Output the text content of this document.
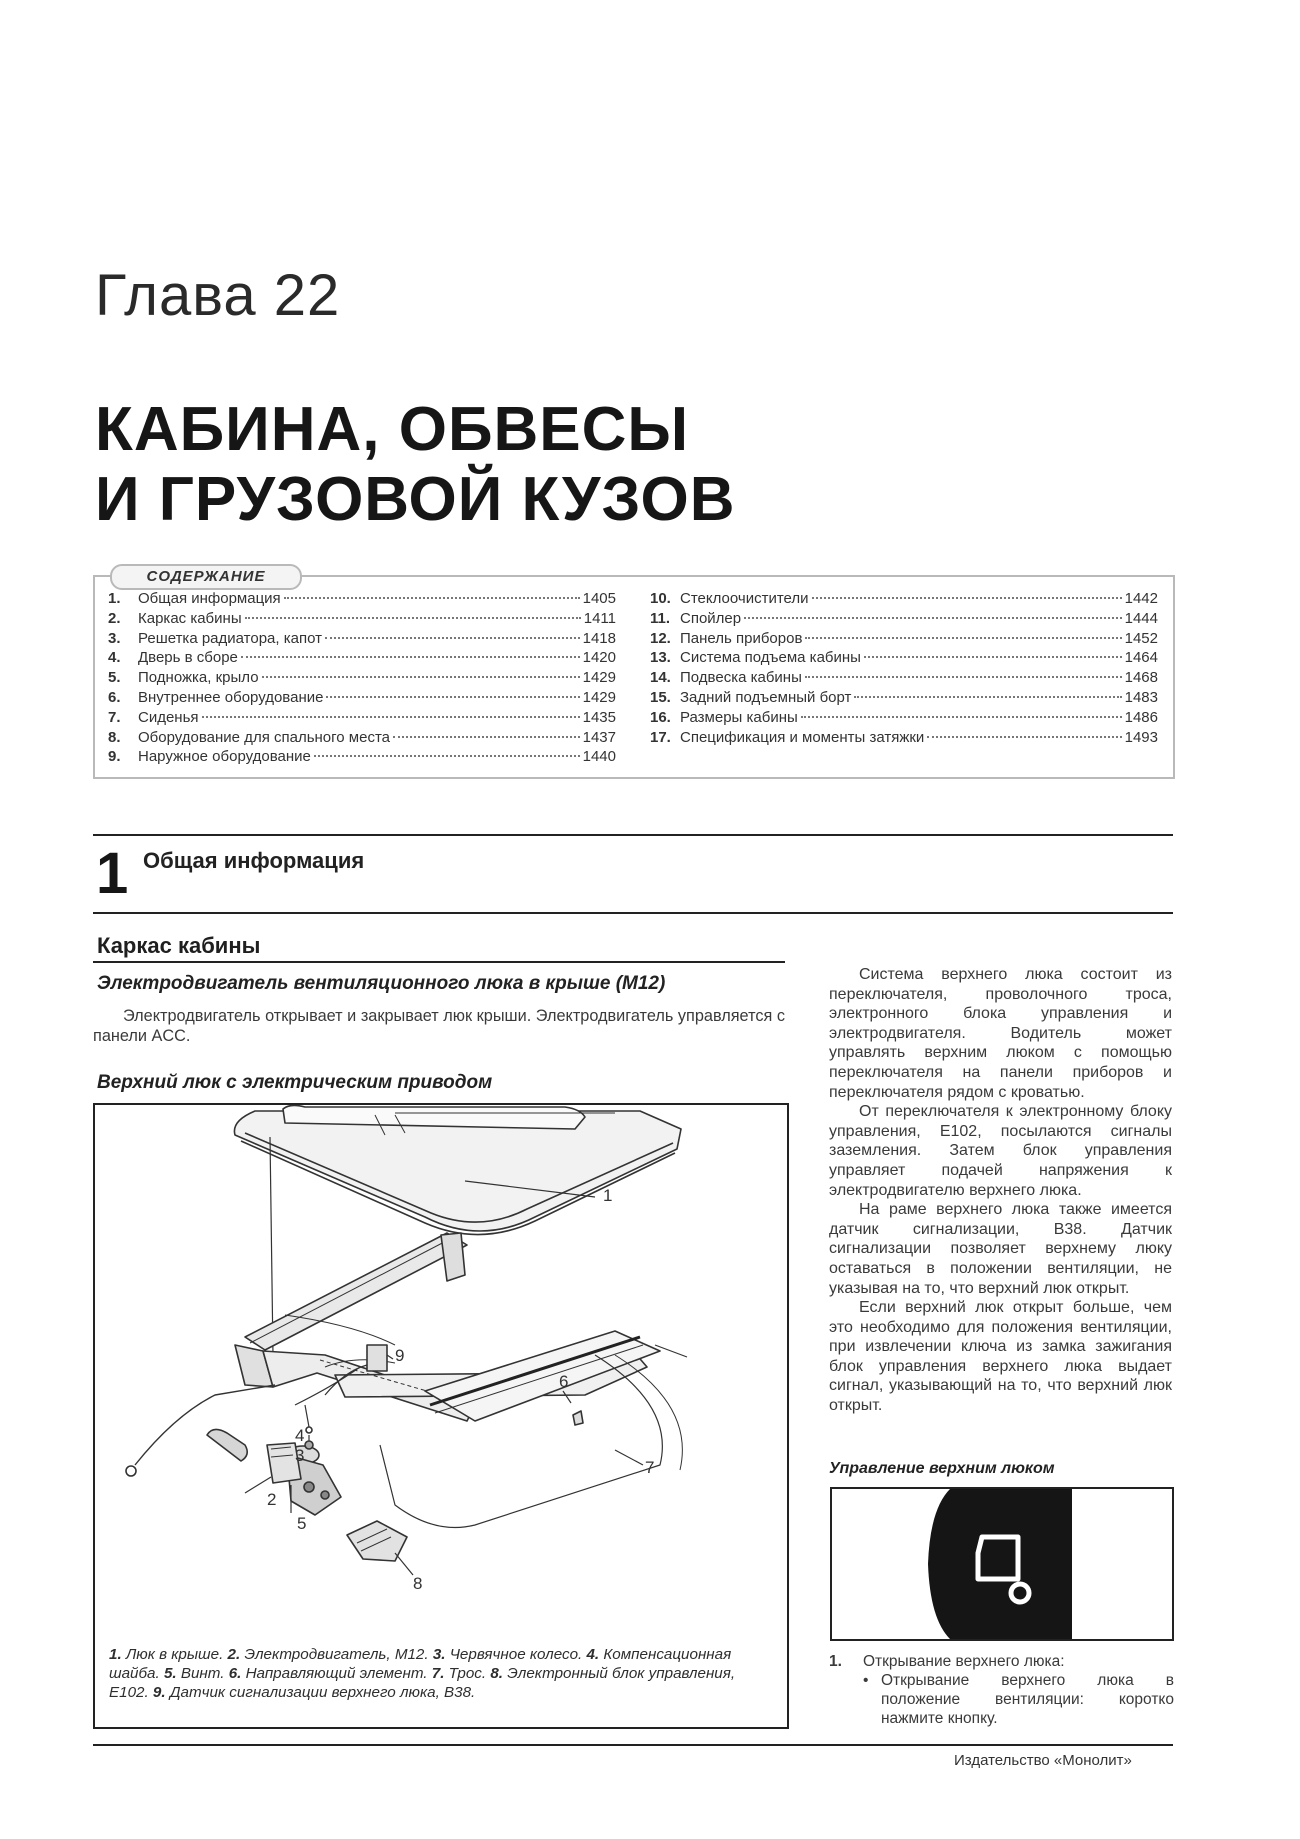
Глава 22
КАБИНА, ОБВЕСЫ
И ГРУЗОВОЙ КУЗОВ
СОДЕРЖАНИЕ
1.	Общая информация	1405
2.	Каркас кабины	1411
3.	Решетка радиатора, капот	1418
4.	Дверь в сборе	1420
5.	Подножка, крыло	1429
6.	Внутреннее оборудование	1429
7.	Сиденья	1435
8.	Оборудование для спального места	1437
9.	Наружное оборудование	1440
10. Стеклоочистители	1442
11. Спойлер	1444
12. Панель приборов	1452
13. Система подъема кабины	1464
14. Подвеска кабины	1468
15. Задний подъемный борт	1483
16. Размеры кабины	1486
17. Спецификация и моменты затяжки	1493
1 Общая информация
Каркас кабины
Электродвигатель вентиляционного люка в крыше (M12)
Электродвигатель открывает и закрывает люк крыши. Электродвигатель управляется с панели ACC.
Верхний люк с электрическим приводом
1
2
3
4
5
6
7
8
9
1. Люк в крыше. 2. Электродвигатель, M12. 3. Червячное колесо. 4. Компенсационная шайба. 5. Винт. 6. Направляющий элемент. 7. Трос. 8. Электронный блок управления, E102. 9. Датчик сигнализации верхнего люка, B38.

Система верхнего люка состоит из переключателя, проволочного троса, электронного блока управления и электродвигателя. Водитель может управлять верхним люком с помощью переключателя на панели приборов и переключателя рядом с кроватью.

От переключателя к электронному блоку управления, E102, посылаются сигналы заземления. Затем блок управления управляет подачей напряжения к электродвигателю верхнего люка.

На раме верхнего люка также имеется датчик сигнализации, B38. Датчик сигнализации позволяет верхнему люку оставаться в положении вентиляции, не указывая на то, что верхний люк открыт.

Если верхний люк открыт больше, чем это необходимо для положения вентиляции, при извлечении ключа из замка зажигания блок управления верхнего люка выдает сигнал, указывающий на то, что верхний люк открыт.

Управление верхним люком
1.	Открывание верхнего люка:
• Открывание верхнего люка в положение вентиляции: коротко нажмите кнопку.
Издательство «Монолит»
